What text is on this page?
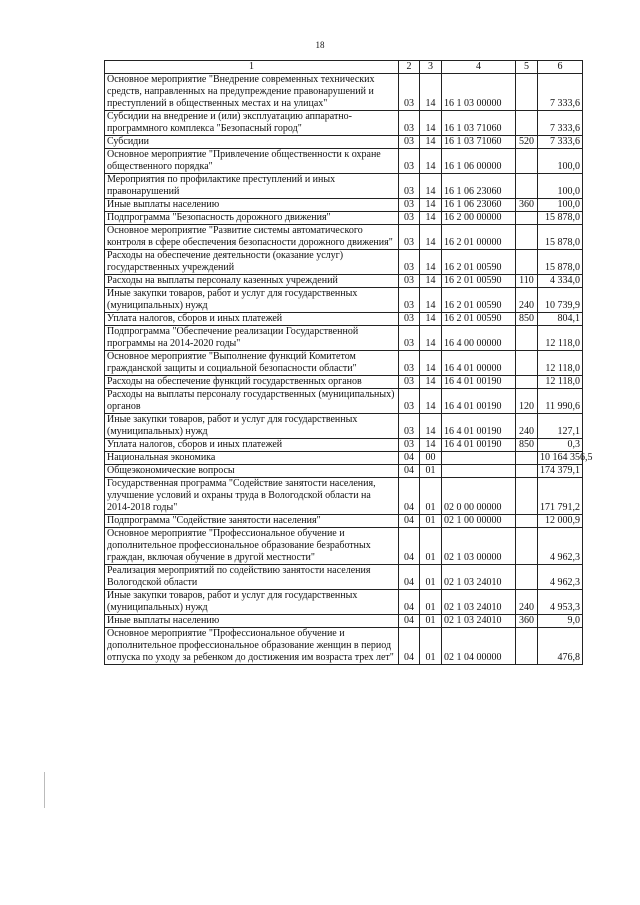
18
1	2	3	4	5	6
Основное мероприятие "Внедрение современных технических средств, направленных на предупреждение правонарушений и преступлений в общественных местах и на улицах"	03	14	16 1 03 00000		7 333,6
Субсидии на внедрение и (или) эксплуатацию аппаратно-программного комплекса "Безопасный город"	03	14	16 1 03 71060		7 333,6
Субсидии	03	14	16 1 03 71060	520	7 333,6
Основное мероприятие "Привлечение общественности к охране общественного порядка"	03	14	16 1 06 00000		100,0
Мероприятия по профилактике преступлений и иных правонарушений	03	14	16 1 06 23060		100,0
Иные выплаты населению	03	14	16 1 06 23060	360	100,0
Подпрограмма "Безопасность дорожного движения"	03	14	16 2 00 00000		15 878,0
Основное мероприятие "Развитие системы автоматического контроля в сфере обеспечения безопасности дорожного движения"	03	14	16 2 01 00000		15 878,0
Расходы на обеспечение деятельности (оказание услуг) государственных учреждений	03	14	16 2 01 00590		15 878,0
Расходы на выплаты персоналу казенных учреждений	03	14	16 2 01 00590	110	4 334,0
Иные закупки товаров, работ и услуг для государственных (муниципальных) нужд	03	14	16 2 01 00590	240	10 739,9
Уплата налогов, сборов и иных платежей	03	14	16 2 01 00590	850	804,1
Подпрограмма "Обеспечение реализации Государственной программы на 2014-2020 годы"	03	14	16 4 00 00000		12 118,0
Основное мероприятие "Выполнение функций Комитетом гражданской защиты и социальной безопасности области"	03	14	16 4 01 00000		12 118,0
Расходы на обеспечение функций государственных органов	03	14	16 4 01 00190		12 118,0
Расходы на выплаты персоналу государственных (муниципальных) органов	03	14	16 4 01 00190	120	11 990,6
Иные закупки товаров, работ и услуг для государственных (муниципальных) нужд	03	14	16 4 01 00190	240	127,1
Уплата налогов, сборов и иных платежей	03	14	16 4 01 00190	850	0,3
Национальная экономика	04	00			10 164 356,5
Общеэкономические вопросы	04	01			174 379,1
Государственная программа "Содействие занятости населения, улучшение условий и охраны труда в Вологодской области на 2014-2018 годы"	04	01	02 0 00 00000		171 791,2
Подпрограмма "Содействие занятости населения"	04	01	02 1 00 00000		12 000,9
Основное мероприятие "Профессиональное обучение и дополнительное профессиональное образование безработных граждан, включая обучение в другой местности"	04	01	02 1 03 00000		4 962,3
Реализация мероприятий по содействию занятости населения Вологодской области	04	01	02 1 03 24010		4 962,3
Иные закупки товаров, работ и услуг для государственных (муниципальных) нужд	04	01	02 1 03 24010	240	4 953,3
Иные выплаты населению	04	01	02 1 03 24010	360	9,0
Основное мероприятие "Профессиональное обучение и дополнительное профессиональное образование женщин в период отпуска по уходу за ребенком до достижения им возраста трех лет"	04	01	02 1 04 00000		476,8
